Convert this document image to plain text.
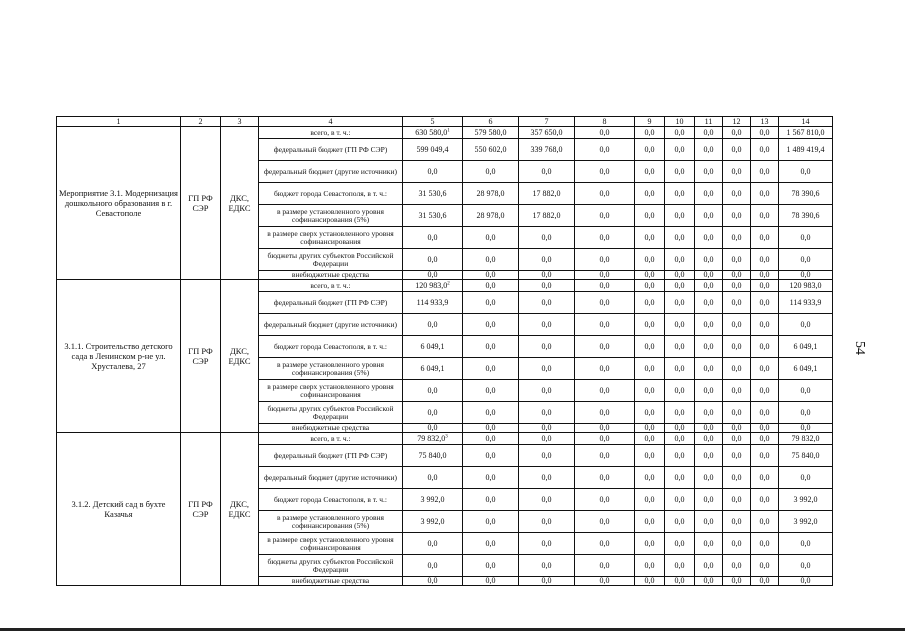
1	2	3	4	5	6	7	8	9	10	11	12	13	14
Мероприятие 3.1. Модернизация дошкольного образования в г. Севастополе	ГП РФ СЭР	ДКС, ЕДКС	всего, в т. ч.:	630 580,0$^1$	579 580,0	357 650,0	0,0	0,0	0,0	0,0	0,0	0,0	1 567 810,0
			федеральный бюджет (ГП РФ СЭР)	599 049,4	550 602,0	339 768,0	0,0	0,0	0,0	0,0	0,0	0,0	1 489 419,4
			федеральный бюджет (другие источники)	0,0	0,0	0,0	0,0	0,0	0,0	0,0	0,0	0,0	0,0
			бюджет города Севастополя, в т. ч.:	31 530,6	28 978,0	17 882,0	0,0	0,0	0,0	0,0	0,0	0,0	78 390,6
			в размере установленного уровня софинансирования (5%)	31 530,6	28 978,0	17 882,0	0,0	0,0	0,0	0,0	0,0	0,0	78 390,6
			в размере сверх установленного уровня софинансирования	0,0	0,0	0,0	0,0	0,0	0,0	0,0	0,0	0,0	0,0
			бюджеты других субъектов Российской Федерации	0,0	0,0	0,0	0,0	0,0	0,0	0,0	0,0	0,0	0,0
			внебюджетные средства	0,0	0,0	0,0	0,0	0,0	0,0	0,0	0,0	0,0	0,0
3.1.1. Строительство детского сада в Ленинском р-не ул. Хрусталева, 27	ГП РФ СЭР	ДКС, ЕДКС	всего, в т. ч.:	120 983,0$^2$	0,0	0,0	0,0	0,0	0,0	0,0	0,0	0,0	120 983,0
			федеральный бюджет (ГП РФ СЭР)	114 933,9	0,0	0,0	0,0	0,0	0,0	0,0	0,0	0,0	114 933,9
			федеральный бюджет (другие источники)	0,0	0,0	0,0	0,0	0,0	0,0	0,0	0,0	0,0	0,0
			бюджет города Севастополя, в т. ч.:	6 049,1	0,0	0,0	0,0	0,0	0,0	0,0	0,0	0,0	6 049,1
			в размере установленного уровня софинансирования (5%)	6 049,1	0,0	0,0	0,0	0,0	0,0	0,0	0,0	0,0	6 049,1
			в размере сверх установленного уровня софинансирования	0,0	0,0	0,0	0,0	0,0	0,0	0,0	0,0	0,0	0,0
			бюджеты других субъектов Российской Федерации	0,0	0,0	0,0	0,0	0,0	0,0	0,0	0,0	0,0	0,0
			внебюджетные средства	0,0	0,0	0,0	0,0	0,0	0,0	0,0	0,0	0,0	0,0
3.1.2. Детский сад в бухте Казачья	ГП РФ СЭР	ДКС, ЕДКС	всего, в т. ч.:	79 832,0$^3$	0,0	0,0	0,0	0,0	0,0	0,0	0,0	0,0	79 832,0
			федеральный бюджет (ГП РФ СЭР)	75 840,0	0,0	0,0	0,0	0,0	0,0	0,0	0,0	0,0	75 840,0
			федеральный бюджет (другие источники)	0,0	0,0	0,0	0,0	0,0	0,0	0,0	0,0	0,0	0,0
			бюджет города Севастополя, в т. ч.:	3 992,0	0,0	0,0	0,0	0,0	0,0	0,0	0,0	0,0	3 992,0
			в размере установленного уровня софинансирования (5%)	3 992,0	0,0	0,0	0,0	0,0	0,0	0,0	0,0	0,0	3 992,0
			в размере сверх установленного уровня софинансирования	0,0	0,0	0,0	0,0	0,0	0,0	0,0	0,0	0,0	0,0
			бюджеты других субъектов Российской Федерации	0,0	0,0	0,0	0,0	0,0	0,0	0,0	0,0	0,0	0,0
			внебюджетные средства	0,0	0,0	0,0	0,0	0,0	0,0	0,0	0,0	0,0	0,0
54
